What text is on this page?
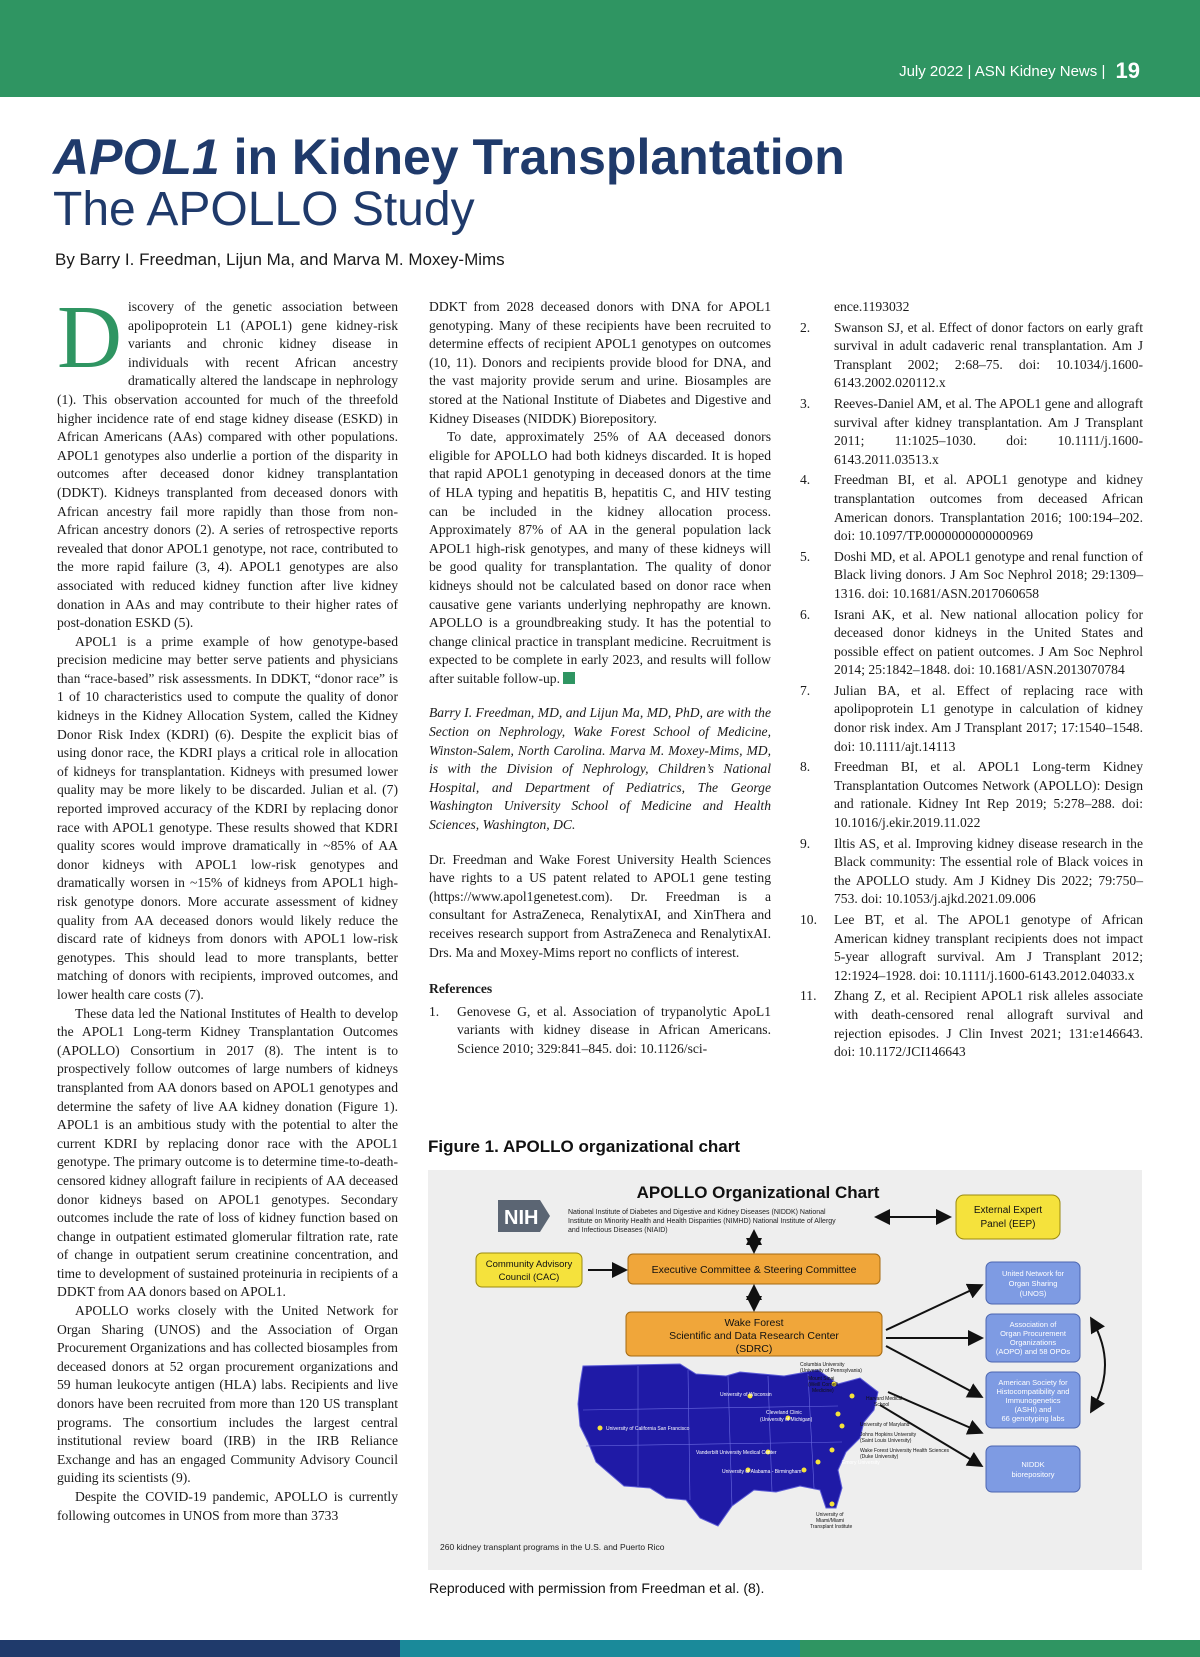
July 2022 | ASN Kidney News | 19
APOL1 in Kidney Transplantation
The APOLLO Study
By Barry I. Freedman, Lijun Ma, and Marva M. Moxey-Mims

Discovery of the genetic association between apolipoprotein L1 (APOL1) gene kidney-risk variants and chronic kidney disease in individuals with recent African ancestry dramatically altered the landscape in nephrology (1). This observation accounted for much of the threefold higher incidence rate of end stage kidney disease (ESKD) in African Americans (AAs) compared with other populations. APOL1 genotypes also underlie a portion of the disparity in outcomes after deceased donor kidney transplantation (DDKT). Kidneys transplanted from deceased donors with African ancestry fail more rapidly than those from non-African ancestry donors (2). A series of retrospective reports revealed that donor APOL1 genotype, not race, contributed to the more rapid failure (3, 4). APOL1 genotypes are also associated with reduced kidney function after live kidney donation in AAs and may contribute to their higher rates of post-donation ESKD (5).

APOL1 is a prime example of how genotype-based precision medicine may better serve patients and physicians than “race-based” risk assessments. In DDKT, “donor race” is 1 of 10 characteristics used to compute the quality of donor kidneys in the Kidney Allocation System, called the Kidney Donor Risk Index (KDRI) (6). Despite the explicit bias of using donor race, the KDRI plays a critical role in allocation of kidneys for transplantation. Kidneys with presumed lower quality may be more likely to be discarded. Julian et al. (7) reported improved accuracy of the KDRI by replacing donor race with APOL1 genotype. These results showed that KDRI quality scores would improve dramatically in ~85% of AA donor kidneys with APOL1 low-risk genotypes and dramatically worsen in ~15% of kidneys from APOL1 high-risk genotype donors. More accurate assessment of kidney quality from AA deceased donors would likely reduce the discard rate of kidneys from donors with APOL1 low-risk genotypes. This should lead to more transplants, better matching of donors with recipients, improved outcomes, and lower health care costs (7).

These data led the National Institutes of Health to develop the APOL1 Long-term Kidney Transplantation Outcomes (APOLLO) Consortium in 2017 (8). The intent is to prospectively follow outcomes of large numbers of kidneys transplanted from AA donors based on APOL1 genotypes and determine the safety of live AA kidney donation (Figure 1). APOL1 is an ambitious study with the potential to alter the current KDRI by replacing donor race with the APOL1 genotype. The primary outcome is to determine time-to-death-censored kidney allograft failure in recipients of AA deceased donor kidneys based on APOL1 genotypes. Secondary outcomes include the rate of loss of kidney function based on change in outpatient estimated glomerular filtration rate, rate of change in outpatient serum creatinine concentration, and time to development of sustained proteinuria in recipients of a DDKT from AA donors based on APOL1.

APOLLO works closely with the United Network for Organ Sharing (UNOS) and the Association of Organ Procurement Organizations and has collected biosamples from deceased donors at 52 organ procurement organizations and 59 human leukocyte antigen (HLA) labs. Recipients and live donors have been recruited from more than 120 US transplant programs. The consortium includes the largest central institutional review board (IRB) in the IRB Reliance Exchange and has an engaged Community Advisory Council guiding its scientists (9).

Despite the COVID-19 pandemic, APOLLO is currently following outcomes in UNOS from more than 3733

DDKT from 2028 deceased donors with DNA for APOL1 genotyping. Many of these recipients have been recruited to determine effects of recipient APOL1 genotypes on outcomes (10, 11). Donors and recipients provide blood for DNA, and the vast majority provide serum and urine. Biosamples are stored at the National Institute of Diabetes and Digestive and Kidney Diseases (NIDDK) Biorepository.

To date, approximately 25% of AA deceased donors eligible for APOLLO had both kidneys discarded. It is hoped that rapid APOL1 genotyping in deceased donors at the time of HLA typing and hepatitis B, hepatitis C, and HIV testing can be included in the kidney allocation process. Approximately 87% of AA in the general population lack APOL1 high-risk genotypes, and many of these kidneys will be good quality for transplantation. The quality of donor kidneys should not be calculated based on donor race when causative gene variants underlying nephropathy are known. APOLLO is a groundbreaking study. It has the potential to change clinical practice in transplant medicine. Recruitment is expected to be complete in early 2023, and results will follow after suitable follow-up.

Barry I. Freedman, MD, and Lijun Ma, MD, PhD, are with the Section on Nephrology, Wake Forest School of Medicine, Winston-Salem, North Carolina. Marva M. Moxey-Mims, MD, is with the Division of Nephrology, Children’s National Hospital, and Department of Pediatrics, The George Washington University School of Medicine and Health Sciences, Washington, DC.

Dr. Freedman and Wake Forest University Health Sciences have rights to a US patent related to APOL1 gene testing (https://www.apol1genetest.com). Dr. Freedman is a consultant for AstraZeneca, RenalytixAI, and XinThera and receives research support from AstraZeneca and RenalytixAI. Drs. Ma and Moxey-Mims report no conflicts of interest.

References

1. Genovese G, et al. Association of trypanolytic ApoL1 variants with kidney disease in African Americans. Science 2010; 329:841–845. doi: 10.1126/sci-
ence.1193032
2. Swanson SJ, et al. Effect of donor factors on early graft survival in adult cadaveric renal transplantation. Am J Transplant 2002; 2:68–75. doi: 10.1034/j.1600-6143.2002.020112.x
3. Reeves-Daniel AM, et al. The APOL1 gene and allograft survival after kidney transplantation. Am J Transplant 2011; 11:1025–1030. doi: 10.1111/j.1600-6143.2011.03513.x
4. Freedman BI, et al. APOL1 genotype and kidney transplantation outcomes from deceased African American donors. Transplantation 2016; 100:194–202. doi: 10.1097/TP.0000000000000969
5. Doshi MD, et al. APOL1 genotype and renal function of Black living donors. J Am Soc Nephrol 2018; 29:1309–1316. doi: 10.1681/ASN.2017060658
6. Israni AK, et al. New national allocation policy for deceased donor kidneys in the United States and possible effect on patient outcomes. J Am Soc Nephrol 2014; 25:1842–1848. doi: 10.1681/ASN.2013070784
7. Julian BA, et al. Effect of replacing race with apolipoprotein L1 genotype in calculation of kidney donor risk index. Am J Transplant 2017; 17:1540–1548. doi: 10.1111/ajt.14113
8. Freedman BI, et al. APOL1 Long-term Kidney Transplantation Outcomes Network (APOLLO): Design and rationale. Kidney Int Rep 2019; 5:278–288. doi: 10.1016/j.ekir.2019.11.022
9. Iltis AS, et al. Improving kidney disease research in the Black community: The essential role of Black voices in the APOLLO study. Am J Kidney Dis 2022; 79:750–753. doi: 10.1053/j.ajkd.2021.09.006
10. Lee BT, et al. The APOL1 genotype of African American kidney transplant recipients does not impact 5-year allograft survival. Am J Transplant 2012; 12:1924–1928. doi: 10.1111/j.1600-6143.2012.04033.x
11. Zhang Z, et al. Recipient APOL1 risk alleles associate with death-censored renal allograft survival and rejection episodes. J Clin Invest 2021; 131:e146643. doi: 10.1172/JCI146643
Figure 1. APOLLO organizational chart
APOLLO Organizational Chart
NIH	National Institute of Diabetes and Digestive and Kidney Diseases (NIDDK) National
Institute on Minority Health and Health Disparities (NIMHD) National Institute of Allergy
and Infectious Diseases (NIAID)
External Expert
Panel (EEP)
Community Advisory
Council (CAC)
Executive Committee & Steering Committee
Wake Forest
Scientific and Data Research Center
(SDRC)
United Network for
Organ Sharing
(UNOS)
Association of
Organ Procurement
Organizations
(AOPO) and 58 OPOs
American Society for
Histocompatibility and
Immunogenetics
(ASHI) and
66 genotyping labs
NIDDK
biorepository
University of Wisconsin
University of California San Francisco
Cleveland Clinic
(University of Michigan)
Vanderbilt University Medical Center
University of Alabama - Birmingham
Emory University
Columbia University
(University of Pennsylvania)
Mount Sinai
(Weill Cornell
Medicine)
Harvard Medical
School
University of Maryland
Johns Hopkins University
(Saint Louis University)
Wake Forest University Health Sciences
(Duke University)
University of
Miami/Miami
Transplant Institute
260 kidney transplant programs in the U.S. and Puerto Rico
Reproduced with permission from Freedman et al. (8).
